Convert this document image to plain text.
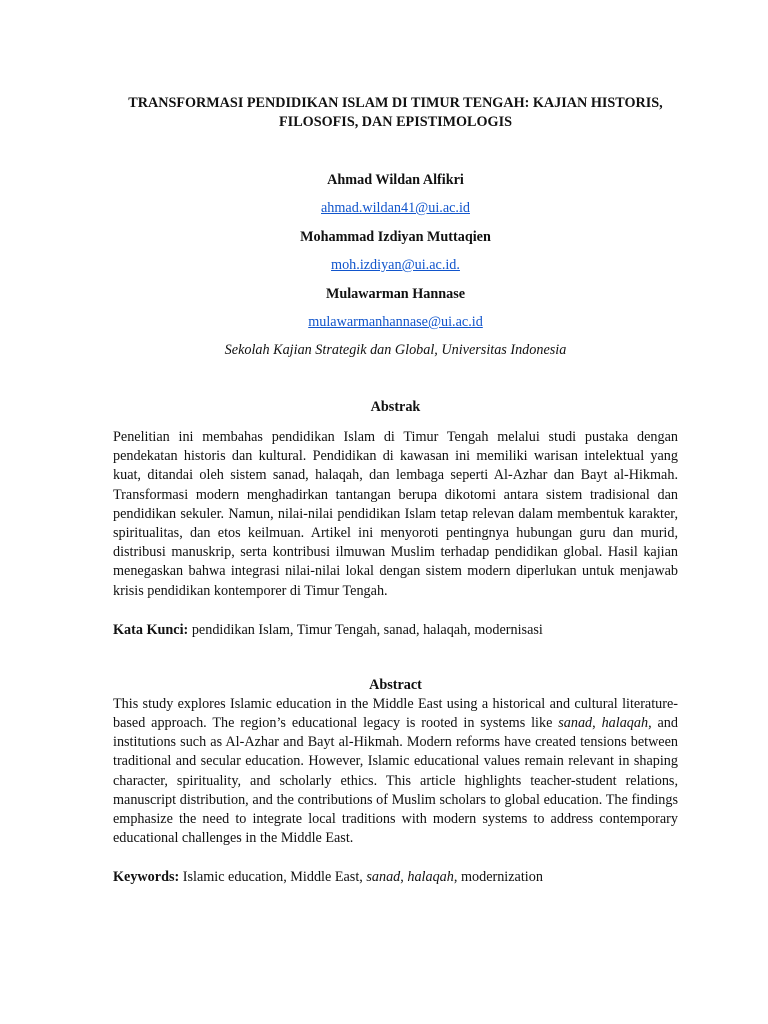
TRANSFORMASI PENDIDIKAN ISLAM DI TIMUR TENGAH: KAJIAN HISTORIS, FILOSOFIS, DAN EPISTIMOLOGIS
Ahmad Wildan Alfikri
ahmad.wildan41@ui.ac.id
Mohammad Izdiyan Muttaqien
moh.izdiyan@ui.ac.id.
Mulawarman Hannase
mulawarmanhannase@ui.ac.id
Sekolah Kajian Strategik dan Global, Universitas Indonesia
Abstrak

Penelitian ini membahas pendidikan Islam di Timur Tengah melalui studi pustaka dengan pendekatan historis dan kultural. Pendidikan di kawasan ini memiliki warisan intelektual yang kuat, ditandai oleh sistem sanad, halaqah, dan lembaga seperti Al-Azhar dan Bayt al-Hikmah. Transformasi modern menghadirkan tantangan berupa dikotomi antara sistem tradisional dan pendidikan sekuler. Namun, nilai-nilai pendidikan Islam tetap relevan dalam membentuk karakter, spiritualitas, dan etos keilmuan. Artikel ini menyoroti pentingnya hubungan guru dan murid, distribusi manuskrip, serta kontribusi ilmuwan Muslim terhadap pendidikan global. Hasil kajian menegaskan bahwa integrasi nilai-nilai lokal dengan sistem modern diperlukan untuk menjawab krisis pendidikan kontemporer di Timur Tengah.

Kata Kunci: pendidikan Islam, Timur Tengah, sanad, halaqah, modernisasi
Abstract

This study explores Islamic education in the Middle East using a historical and cultural literature-based approach. The region’s educational legacy is rooted in systems like sanad, halaqah, and institutions such as Al-Azhar and Bayt al-Hikmah. Modern reforms have created tensions between traditional and secular education. However, Islamic educational values remain relevant in shaping character, spirituality, and scholarly ethics. This article highlights teacher-student relations, manuscript distribution, and the contributions of Muslim scholars to global education. The findings emphasize the need to integrate local traditions with modern systems to address contemporary educational challenges in the Middle East.

Keywords: Islamic education, Middle East, sanad, halaqah, modernization
